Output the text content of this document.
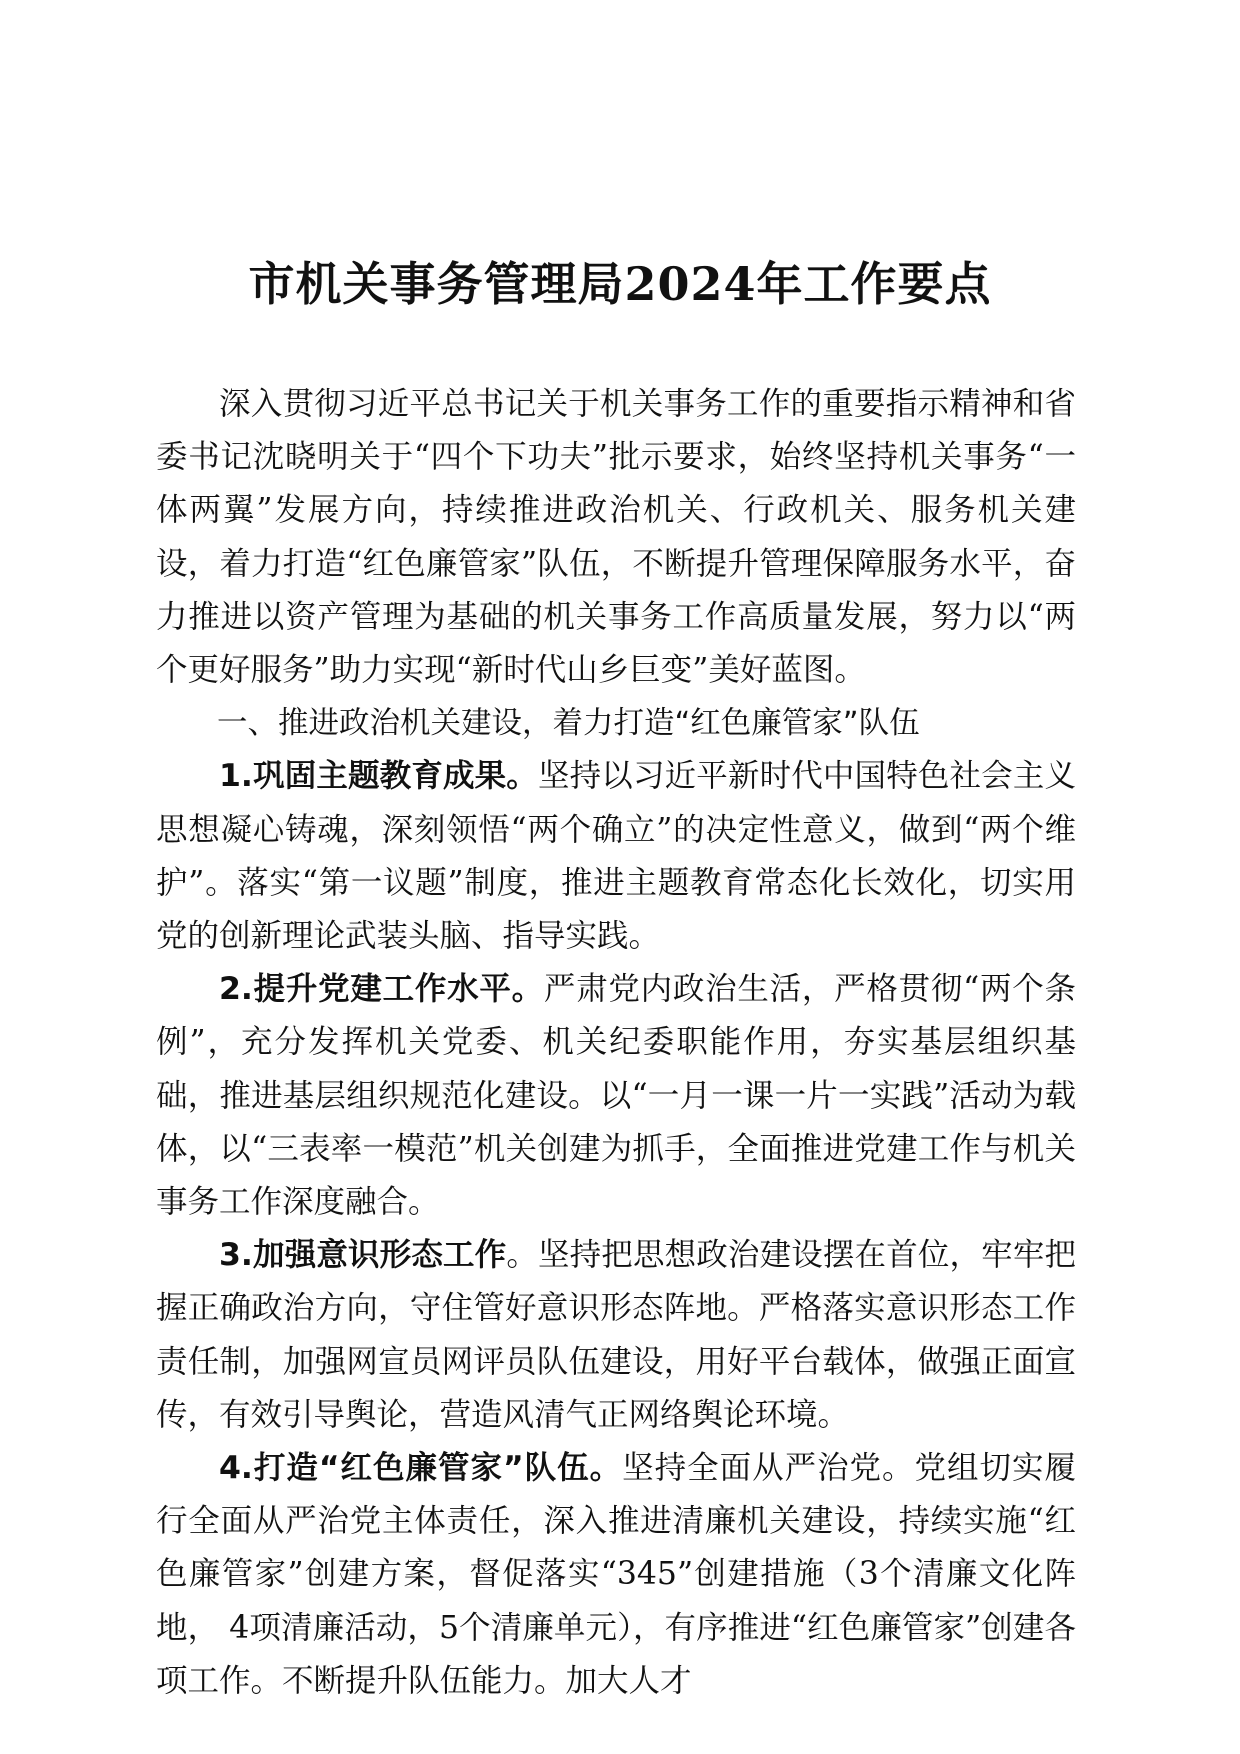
市机关事务管理局2024年工作要点

深入贯彻习近平总书记关于机关事务工作的重要指示精神和省委书记沈晓明关于“四个下功夫”批示要求，始终坚持机关事务“一体两翼”发展方向，持续推进政治机关、行政机关、服务机关建设，着力打造“红色廉管家”队伍，不断提升管理保障服务水平，奋力推进以资产管理为基础的机关事务工作高质量发展，努力以“两个更好服务”助力实现“新时代山乡巨变”美好蓝图。

一、推进政治机关建设，着力打造“红色廉管家”队伍

1.巩固主题教育成果。坚持以习近平新时代中国特色社会主义思想凝心铸魂，深刻领悟“两个确立”的决定性意义，做到“两个维护”。落实“第一议题”制度，推进主题教育常态化长效化，切实用党的创新理论武装头脑、指导实践。

2.提升党建工作水平。严肃党内政治生活，严格贯彻“两个条例”，充分发挥机关党委、机关纪委职能作用，夯实基层组织基础，推进基层组织规范化建设。以“一月一课一片一实践”活动为载体，以“三表率一模范”机关创建为抓手，全面推进党建工作与机关事务工作深度融合。

3.加强意识形态工作。坚持把思想政治建设摆在首位，牢牢把握正确政治方向，守住管好意识形态阵地。严格落实意识形态工作责任制，加强网宣员网评员队伍建设，用好平台载体，做强正面宣传，有效引导舆论，营造风清气正网络舆论环境。

4.打造“红色廉管家”队伍。坚持全面从严治党。党组切实履行全面从严治党主体责任，深入推进清廉机关建设，持续实施“红色廉管家”创建方案，督促落实“345”创建措施（3个清廉文化阵地， 4项清廉活动，5个清廉单元），有序推进“红色廉管家”创建各项工作。不断提升队伍能力。加大人才
